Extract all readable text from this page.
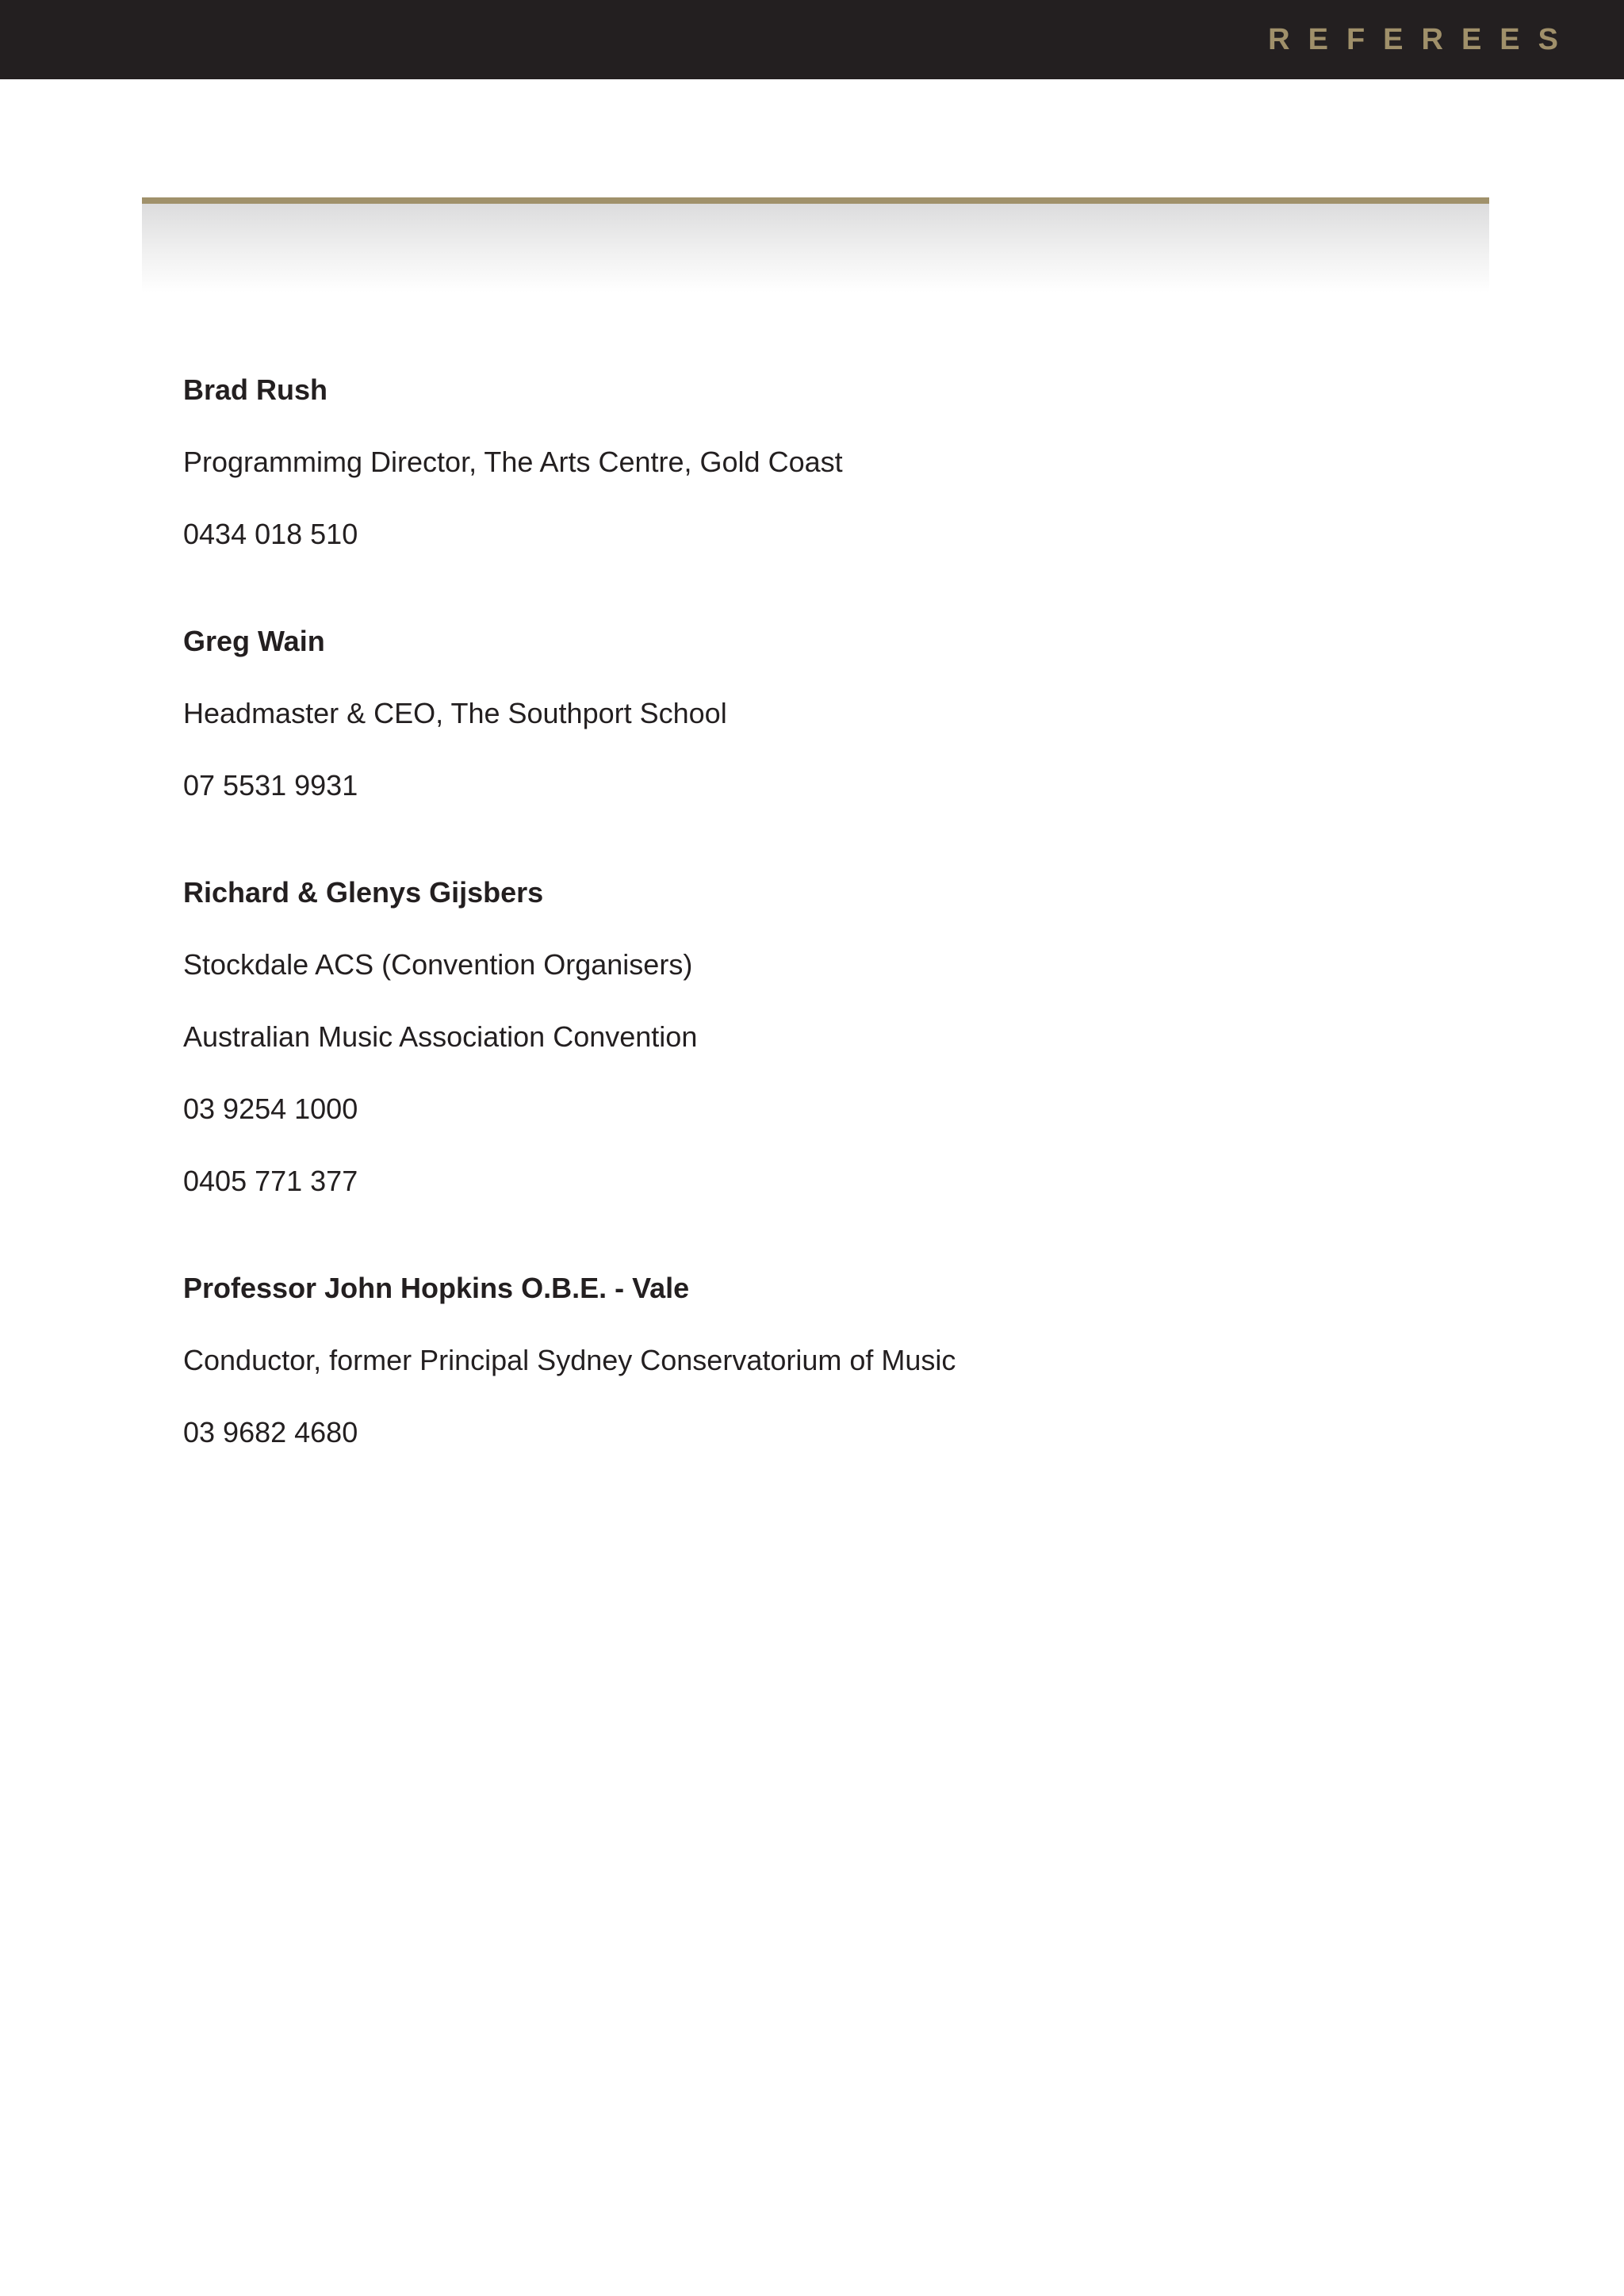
REFEREES
Brad Rush
Programmimg Director, The Arts Centre, Gold Coast
0434 018 510
Greg Wain
Headmaster & CEO, The Southport School
07 5531 9931
Richard & Glenys Gijsbers
Stockdale ACS (Convention Organisers)
Australian Music Association Convention
03 9254 1000
0405 771 377
Professor John Hopkins O.B.E. - Vale
Conductor, former Principal Sydney Conservatorium of Music
03 9682 4680
